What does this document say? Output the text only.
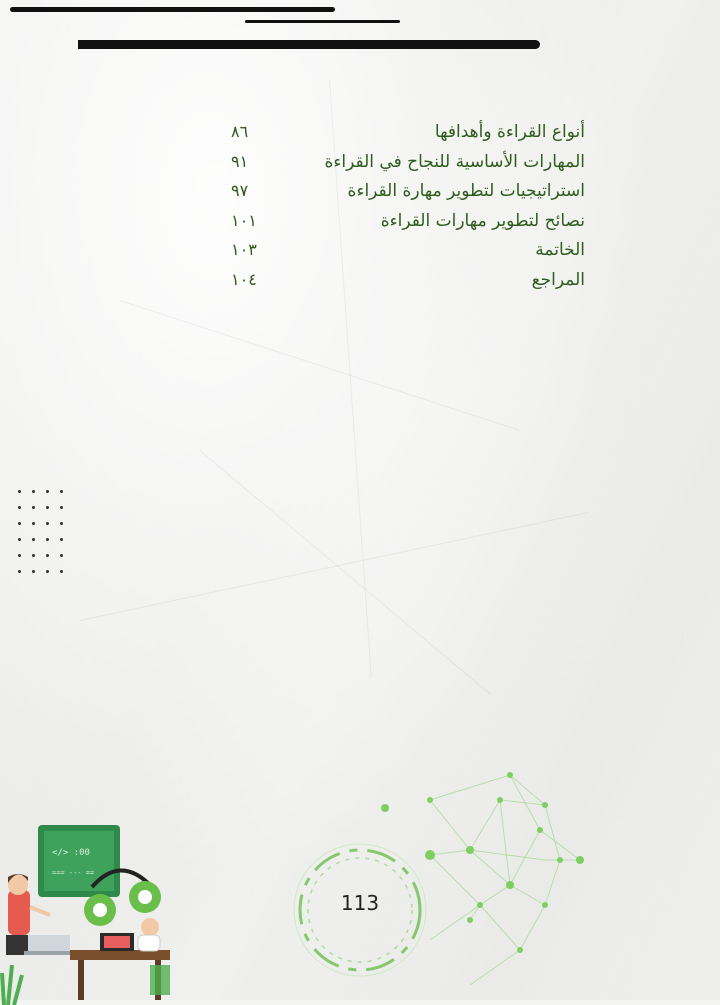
أنواع القراءة وأهدافها
٨٦
المهارات الأساسية للنجاح في القراءة
٩١
استراتيجيات لتطوير مهارة القراءة
٩٧
نصائح لتطوير مهارات القراءة
١٠١
الخاتمة
١٠٣
المراجع
١٠٤
113
</> :00
=== --- ==
